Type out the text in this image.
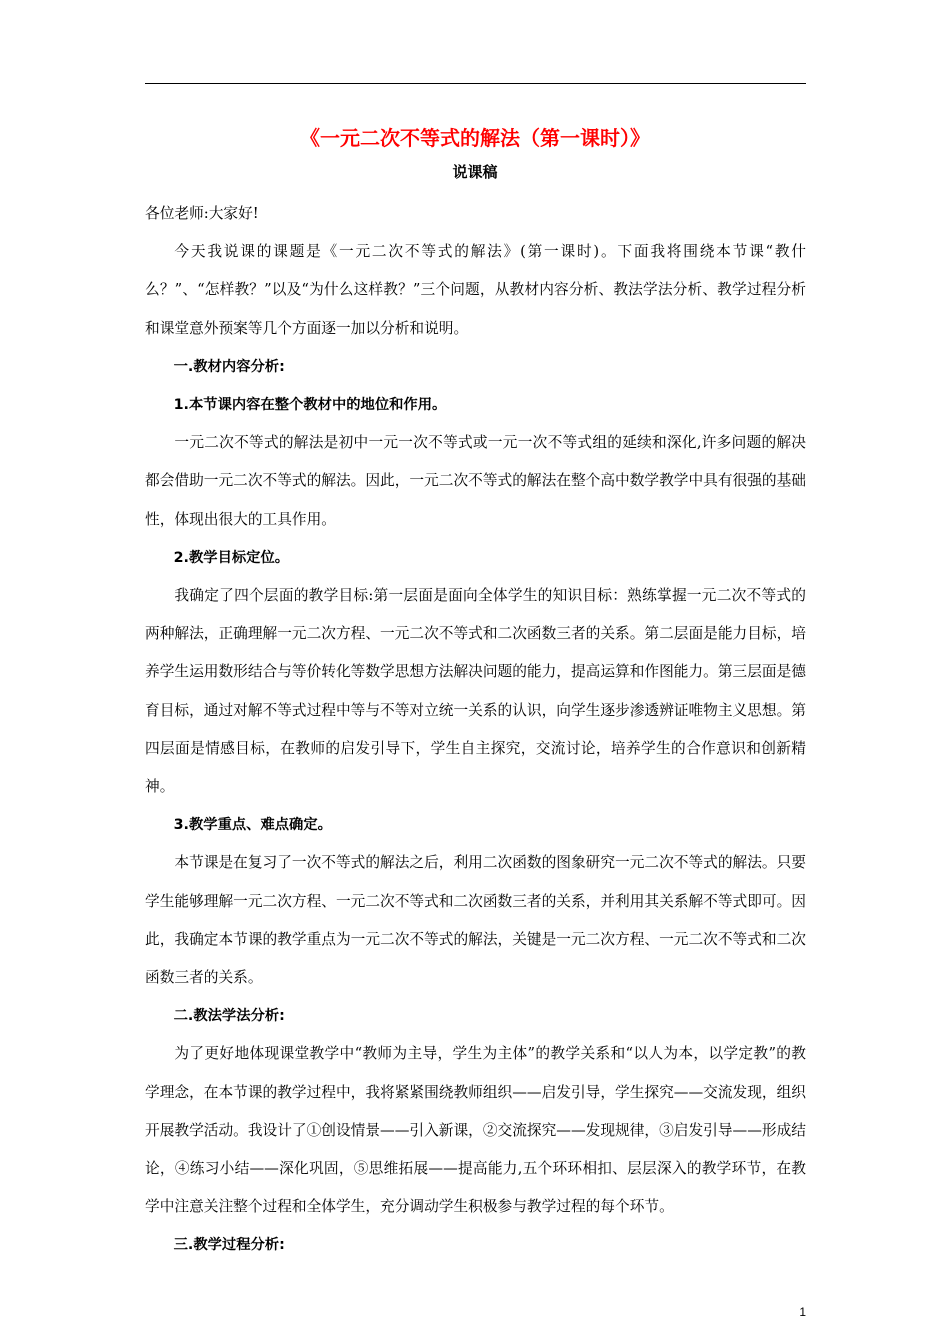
《一元二次不等式的解法（第一课时）》
说课稿

各位老师:大家好!

今天我说课的课题是《一元二次不等式的解法》(第一课时)。下面我将围绕本节课“教什么？”、“怎样教？”以及“为什么这样教？”三个问题，从教材内容分析、教法学法分析、教学过程分析和课堂意外预案等几个方面逐一加以分析和说明。

一.教材内容分析:

1.本节课内容在整个教材中的地位和作用。

一元二次不等式的解法是初中一元一次不等式或一元一次不等式组的延续和深化,许多问题的解决都会借助一元二次不等式的解法。因此，一元二次不等式的解法在整个高中数学教学中具有很强的基础性，体现出很大的工具作用。

2.教学目标定位。

我确定了四个层面的教学目标:第一层面是面向全体学生的知识目标：熟练掌握一元二次不等式的两种解法，正确理解一元二次方程、一元二次不等式和二次函数三者的关系。第二层面是能力目标，培养学生运用数形结合与等价转化等数学思想方法解决问题的能力，提高运算和作图能力。第三层面是德育目标，通过对解不等式过程中等与不等对立统一关系的认识，向学生逐步渗透辨证唯物主义思想。第四层面是情感目标，在教师的启发引导下，学生自主探究，交流讨论，培养学生的合作意识和创新精神。

3.教学重点、难点确定。

本节课是在复习了一次不等式的解法之后，利用二次函数的图象研究一元二次不等式的解法。只要学生能够理解一元二次方程、一元二次不等式和二次函数三者的关系，并利用其关系解不等式即可。因此，我确定本节课的教学重点为一元二次不等式的解法，关键是一元二次方程、一元二次不等式和二次函数三者的关系。

二.教法学法分析:

为了更好地体现课堂教学中“教师为主导，学生为主体”的教学关系和“以人为本，以学定教”的教学理念，在本节课的教学过程中，我将紧紧围绕教师组织——启发引导，学生探究——交流发现，组织开展教学活动。我设计了①创设情景——引入新课，②交流探究——发现规律，③启发引导——形成结论，④练习小结——深化巩固，⑤思维拓展——提高能力,五个环环相扣、层层深入的教学环节，在教学中注意关注整个过程和全体学生，充分调动学生积极参与教学过程的每个环节。

三.教学过程分析:

1
